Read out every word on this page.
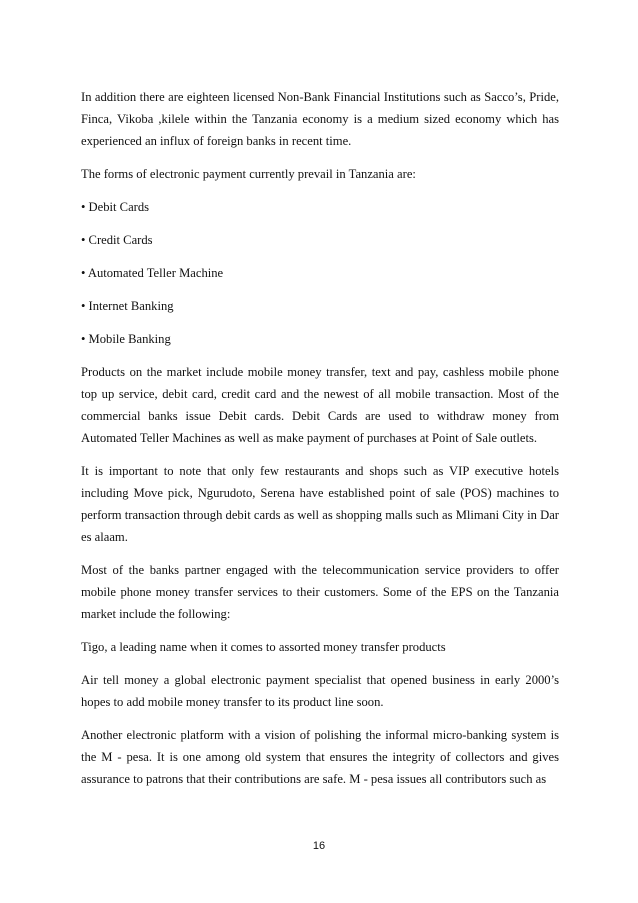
In addition there are eighteen licensed Non-Bank Financial Institutions such as Sacco’s, Pride, Finca, Vikoba ,kilele within the Tanzania economy is a medium sized economy which has experienced an influx of foreign banks in recent time.

The forms of electronic payment currently prevail in Tanzania are:

• Debit Cards

• Credit Cards

• Automated Teller Machine

• Internet Banking

• Mobile Banking

Products on the market include mobile money transfer, text and pay, cashless mobile phone top up service, debit card, credit card and the newest of all mobile transaction. Most of the commercial banks issue Debit cards. Debit Cards are used to withdraw money from Automated Teller Machines as well as make payment of purchases at Point of Sale outlets.

It is important to note that only few restaurants and shops such as VIP executive hotels including Move pick, Ngurudoto, Serena have established point of sale (POS) machines to perform transaction through debit cards as well as shopping malls such as Mlimani City in Dar es alaam.

Most of the banks partner engaged with the telecommunication service providers to offer mobile phone money transfer services to their customers. Some of the EPS on the Tanzania market include the following:

Tigo, a leading name when it comes to assorted money transfer products

Air tell money a global electronic payment specialist that opened business in early 2000’s hopes to add mobile money transfer to its product line soon.

Another electronic platform with a vision of polishing the informal micro-banking system is the M - pesa. It is one among old system that ensures the integrity of collectors and gives assurance to patrons that their contributions are safe. M - pesa issues all contributors such as

16
